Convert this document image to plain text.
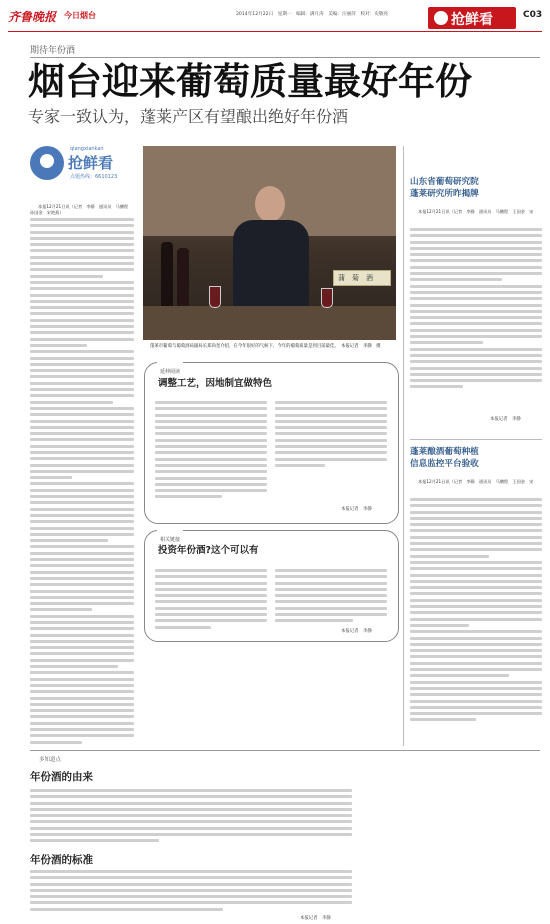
齐鲁晚报 今日烟台	2014年12月22日　星期一　编辑：满月涛　美编：汪丽萍　校对：史敬亮	抢鲜看	C03
期待年份酒
烟台迎来葡萄质量最好年份
专家一致认为，蓬莱产区有望酿出绝好年份酒
qiangxiankan
抢鲜看
点题热线：6610123
本报12月21日讯（记者　李静　通讯员　马鹏程　孙国金　宋艳燕）
蒲　菊　酒
蓬莱市葡萄与葡萄酒局副局长郑尚奎介绍，在今年很好的气候下，今年的葡萄质量是到目前最佳。　本报记者　李静　摄
延伸阅读
调整工艺，因地制宜做特色
本报记者　李静
相关链接
投资年份酒?这个可以有
本报记者　李静
山东省葡萄研究院
蓬莱研究所昨揭牌
本报12月21日讯（记者　李静　通讯员　马鹏程　王国金　宋
本报记者　李静
蓬莱酿酒葡萄种植
信息监控平台验收
本报12月21日讯（记者　李静　通讯员　马鹏程　王国金　宋
　　多知道点
年份酒的由来
年份酒的标准
本报记者　李静
